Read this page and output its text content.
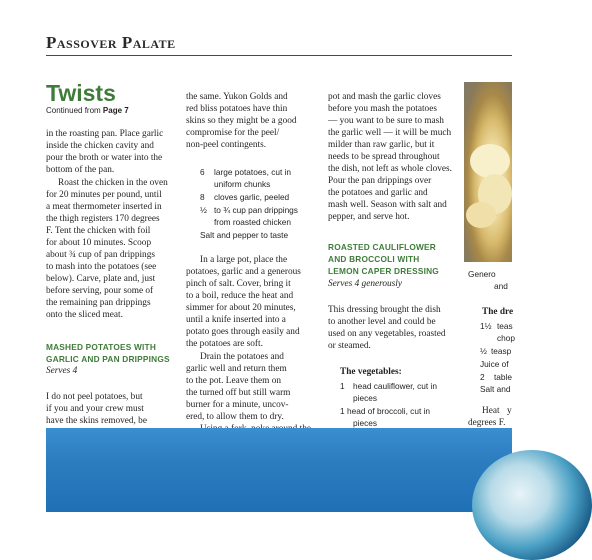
Passover Palate
Twists
Continued from Page 7
in the roasting pan. Place garlic
inside the chicken cavity and
pour the broth or water into the
bottom of the pan.
Roast the chicken in the oven
for 20 minutes per pound, until
a meat thermometer inserted in
the thigh registers 170 degrees
F. Tent the chicken with foil
for about 10 minutes. Scoop
about ¾ cup of pan drippings
to mash into the potatoes (see
below). Carve, plate and, just
before serving, pour some of
the remaining pan drippings
onto the sliced meat.
MASHED POTATOES WITH
GARLIC AND PAN DRIPPINGS
Serves 4
I do not peel potatoes, but
if you and your crew must
have the skins removed, be
the same. Yukon Golds and
red bliss potatoes have thin
skins so they might be a good
compromise for the peel/
non-peel contingents.
6 large potatoes, cut in
uniform chunks
8 cloves garlic, peeled
½ to ¾ cup pan drippings
from roasted chicken
Salt and pepper to taste
In a large pot, place the
potatoes, garlic and a generous
pinch of salt. Cover, bring it
to a boil, reduce the heat and
simmer for about 20 minutes,
until a knife inserted into a
potato goes through easily and
the potatoes are soft.
Drain the potatoes and
garlic well and return them
to the pot. Leave them on
the turned off but still warm
burner for a minute, uncov-
ered, to allow them to dry.
pot and mash the garlic cloves
before you mash the potatoes
— you want to be sure to mash
the garlic well — it will be much
milder than raw garlic, but it
needs to be spread throughout
the dish, not left as whole cloves.
Pour the pan drippings over
the potatoes and garlic and
mash well. Season with salt and
pepper, and serve hot.
ROASTED CAULIFLOWER
AND BROCCOLI WITH
LEMON CAPER DRESSING
Serves 4 generously
This dressing brought the dish
to another level and could be
used on any vegetables, roasted
or steamed.
The vegetables:
1 head cauliflower, cut in
pieces
1 head of broccoli, cut in
pieces
Genero
and
The dre
1½ teas
chop
½ teasp
Juice of
2 table
Salt and
Heat y
degrees F.
